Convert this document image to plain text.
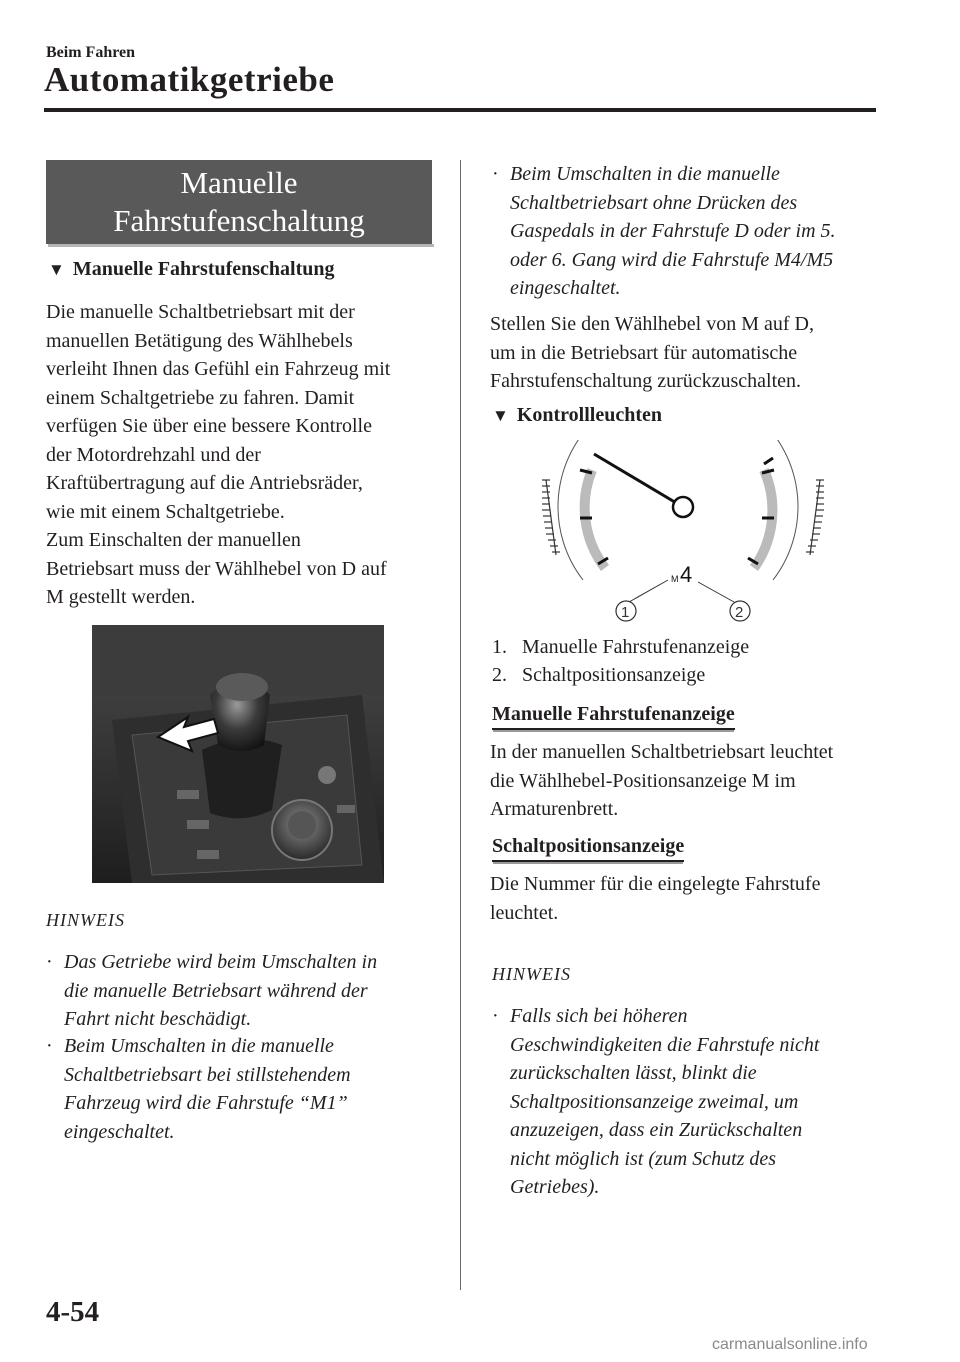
Beim Fahren
Automatikgetriebe
Manuelle
Fahrstufenschaltung
▼ Manuelle Fahrstufenschaltung
Die manuelle Schaltbetriebsart mit der
manuellen Betätigung des Wählhebels
verleiht Ihnen das Gefühl ein Fahrzeug mit
einem Schaltgetriebe zu fahren. Damit
verfügen Sie über eine bessere Kontrolle
der Motordrehzahl und der
Kraftübertragung auf die Antriebsräder,
wie mit einem Schaltgetriebe.
Zum Einschalten der manuellen
Betriebsart muss der Wählhebel von D auf
M gestellt werden.
HINWEIS
· Das Getriebe wird beim Umschalten in
die manuelle Betriebsart während der
Fahrt nicht beschädigt.
· Beim Umschalten in die manuelle
Schaltbetriebsart bei stillstehendem
Fahrzeug wird die Fahrstufe “M1”
eingeschaltet.
· Beim Umschalten in die manuelle
Schaltbetriebsart ohne Drücken des
Gaspedals in der Fahrstufe D oder im 5.
oder 6. Gang wird die Fahrstufe M4/M5
eingeschaltet.
Stellen Sie den Wählhebel von M auf D,
um in die Betriebsart für automatische
Fahrstufenschaltung zurückzuschalten.
▼ Kontrollleuchten
M 4
1	2
1. Manuelle Fahrstufenanzeige
2. Schaltpositionsanzeige
Manuelle Fahrstufenanzeige
In der manuellen Schaltbetriebsart leuchtet
die Wählhebel-Positionsanzeige M im
Armaturenbrett.
Schaltpositionsanzeige
Die Nummer für die eingelegte Fahrstufe
leuchtet.
HINWEIS
· Falls sich bei höheren
Geschwindigkeiten die Fahrstufe nicht
zurückschalten lässt, blinkt die
Schaltpositionsanzeige zweimal, um
anzuzeigen, dass ein Zurückschalten
nicht möglich ist (zum Schutz des
Getriebes).
4-54
carmanualsonline.info
